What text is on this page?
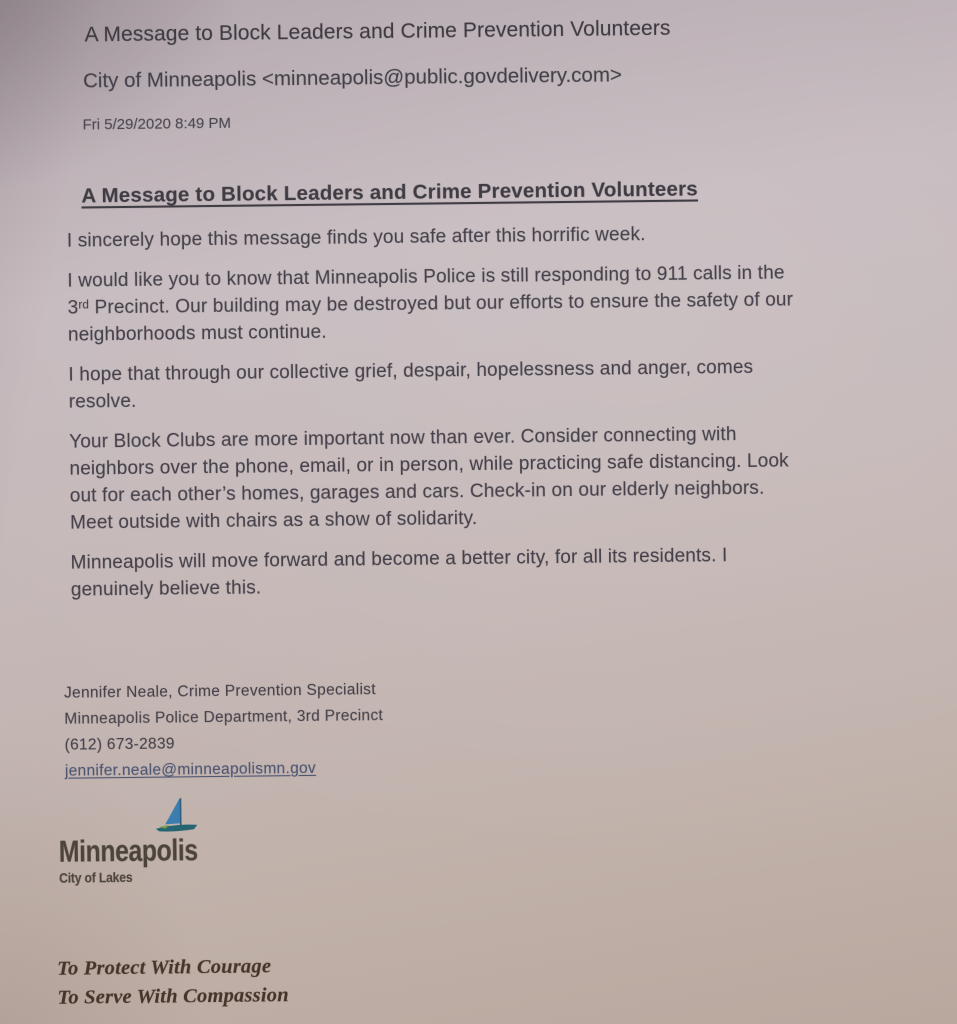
A Message to Block Leaders and Crime Prevention Volunteers
City of Minneapolis <minneapolis@public.govdelivery.com>
Fri 5/29/2020 8:49 PM
A Message to Block Leaders and Crime Prevention Volunteers

I sincerely hope this message finds you safe after this horrific week.

I would like you to know that Minneapolis Police is still responding to 911 calls in the
3rd Precinct. Our building may be destroyed but our efforts to ensure the safety of our
neighborhoods must continue.

I hope that through our collective grief, despair, hopelessness and anger, comes
resolve.

Your Block Clubs are more important now than ever. Consider connecting with
neighbors over the phone, email, or in person, while practicing safe distancing. Look
out for each other’s homes, garages and cars. Check-in on our elderly neighbors.
Meet outside with chairs as a show of solidarity.

Minneapolis will move forward and become a better city, for all its residents. I
genuinely believe this.

Jennifer Neale, Crime Prevention Specialist
Minneapolis Police Department, 3rd Precinct
(612) 673-2839
jennifer.neale@minneapolismn.gov
Minneapolis
City of Lakes
To Protect With Courage
To Serve With Compassion
